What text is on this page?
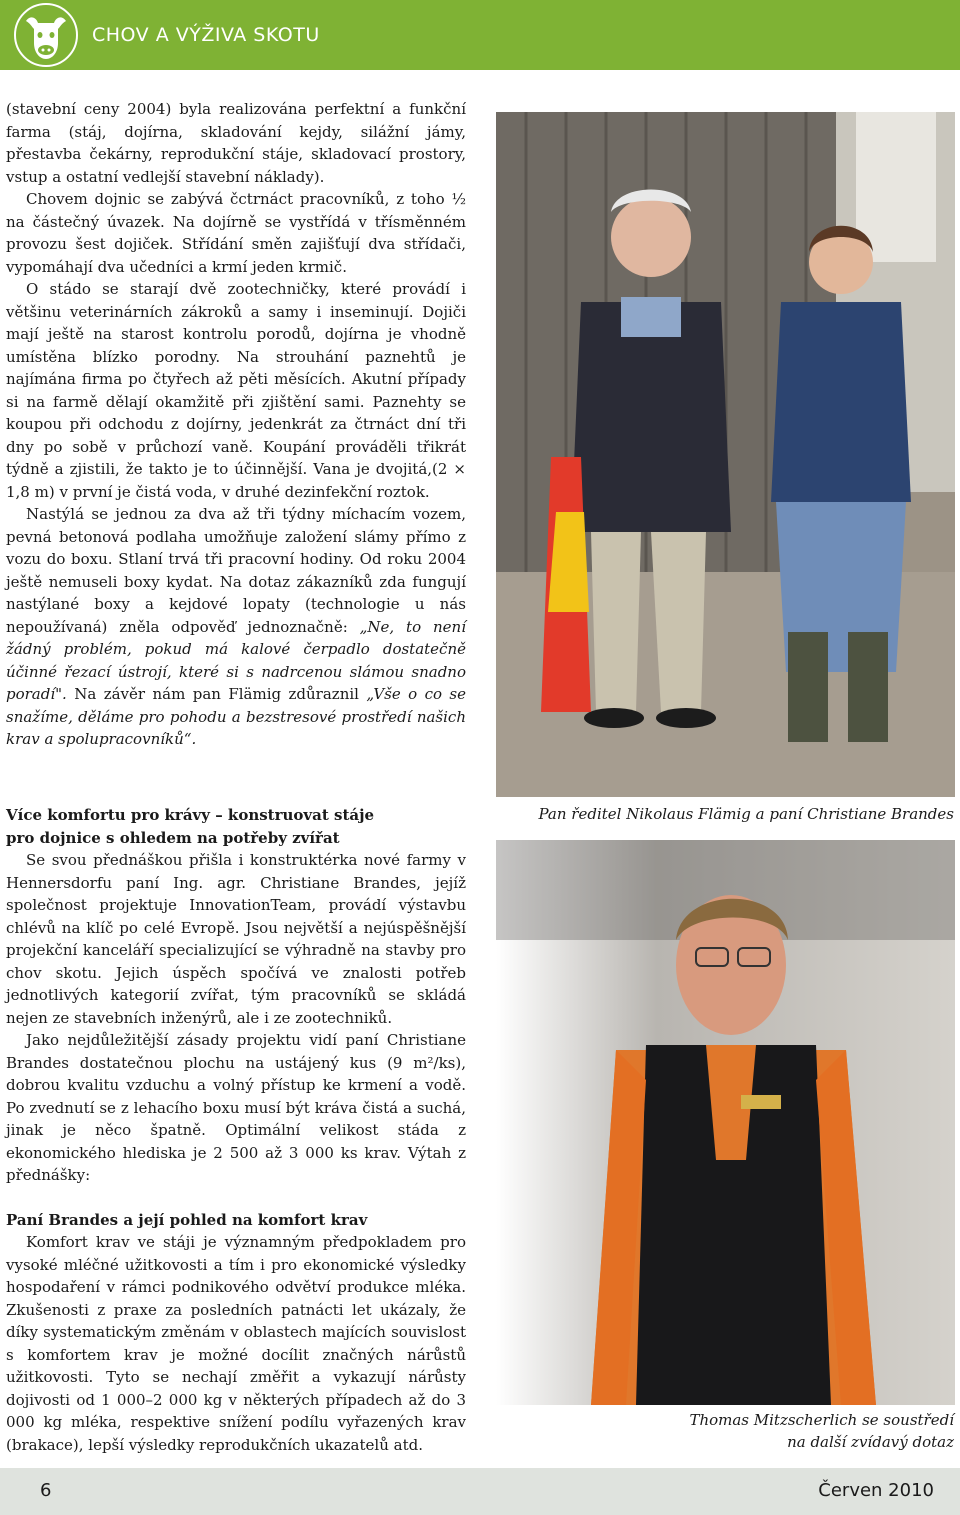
CHOV A VÝŽIVA SKOTU

(stavební ceny 2004) byla realizována perfektní a funkční farma (stáj, dojírna, skladování kejdy, silážní jámy, přestavba čekárny, reprodukční stáje, skladovací prostory, vstup a ostatní vedlejší stavební náklady).

Chovem dojnic se zabývá čctrnáct pracovníků, z toho ½ na částečný úvazek. Na dojírně se vystřídá v třísměnném provozu šest dojiček. Střídání směn zajišťují dva střídači, vypomáhají dva učedníci a krmí jeden krmič.

O stádo se starají dvě zootechničky, které provádí i většinu veterinárních zákroků a samy i inseminují. Dojiči mají ještě na starost kontrolu porodů, dojírna je vhodně umístěna blízko porodny. Na strouhání paznehtů je najímána firma po čtyřech až pěti měsících. Akutní případy si na farmě dělají okamžitě při zjištění sami. Paznehty se koupou při odchodu z dojírny, jedenkrát za čtrnáct dní tři dny po sobě v průchozí vaně. Koupání prováděli třikrát týdně a zjistili, že takto je to účinnější. Vana je dvojitá,(2 × 1,8 m) v první je čistá voda, v druhé dezinfekční roztok.

Nastýlá se jednou za dva až tři týdny míchacím vozem, pevná betonová podlaha umožňuje založení slámy přímo z vozu do boxu. Stlaní trvá tři pracovní hodiny. Od roku 2004 ještě nemuseli boxy kydat. Na dotaz zákazníků zda fungují nastýlané boxy a kejdové lopaty (technologie u nás nepoužívaná) zněla odpověď jednoznačně: „Ne, to není žádný problém, pokud má kalové čerpadlo dostatečně účinné řezací ústrojí, které si s nadrcenou slámou snadno poradí". Na závěr nám pan Flämig zdůraznil „Vše o co se snažíme, děláme pro pohodu a bezstresové prostředí našich krav a spolupracovníků“.

Více komfortu pro krávy – konstruovat stáje
pro dojnice s ohledem na potřeby zvířat

Se svou přednáškou přišla i konstruktérka nové farmy v Hennersdorfu paní Ing. agr. Christiane Brandes, jejíž společnost projektuje InnovationTeam, provádí výstavbu chlévů na klíč po celé Evropě. Jsou největší a nejúspěšnější projekční kanceláří specializující se výhradně na stavby pro chov skotu. Jejich úspěch spočívá ve znalosti potřeb jednotlivých kategorií zvířat, tým pracovníků se skládá nejen ze stavebních inženýrů, ale i ze zootechniků.

Jako nejdůležitější zásady projektu vidí paní Christiane Brandes dostatečnou plochu na ustájený kus (9 m²/ks), dobrou kvalitu vzduchu a volný přístup ke krmení a vodě. Po zvednutí se z lehacího boxu musí být kráva čistá a suchá, jinak je něco špatně. Optimální velikost stáda z ekonomického hlediska je 2 500 až 3 000 ks krav. Výtah z přednášky:

Paní Brandes a její pohled na komfort krav

Komfort krav ve stáji je významným předpokladem pro vysoké mléčné užitkovosti a tím i pro ekonomické výsledky hospodaření v rámci podnikového odvětví produkce mléka. Zkušenosti z praxe za posledních patnácti let ukázaly, že díky systematickým změnám v oblastech majících souvislost s komfortem krav je možné docílit značných nárůstů užitkovosti. Tyto se nechají změřit a vykazují nárůsty dojivosti od 1 000–2 000 kg v některých případech až do 3 000 kg mléka, respektive snížení podílu vyřazených krav (brakace), lepší výsledky reprodukčních ukazatelů atd.

Pan ředitel Nikolaus Flämig a paní Christiane Brandes
Thomas Mitzscherlich se soustředí
na další zvídavý dotaz
6	Červen 2010
